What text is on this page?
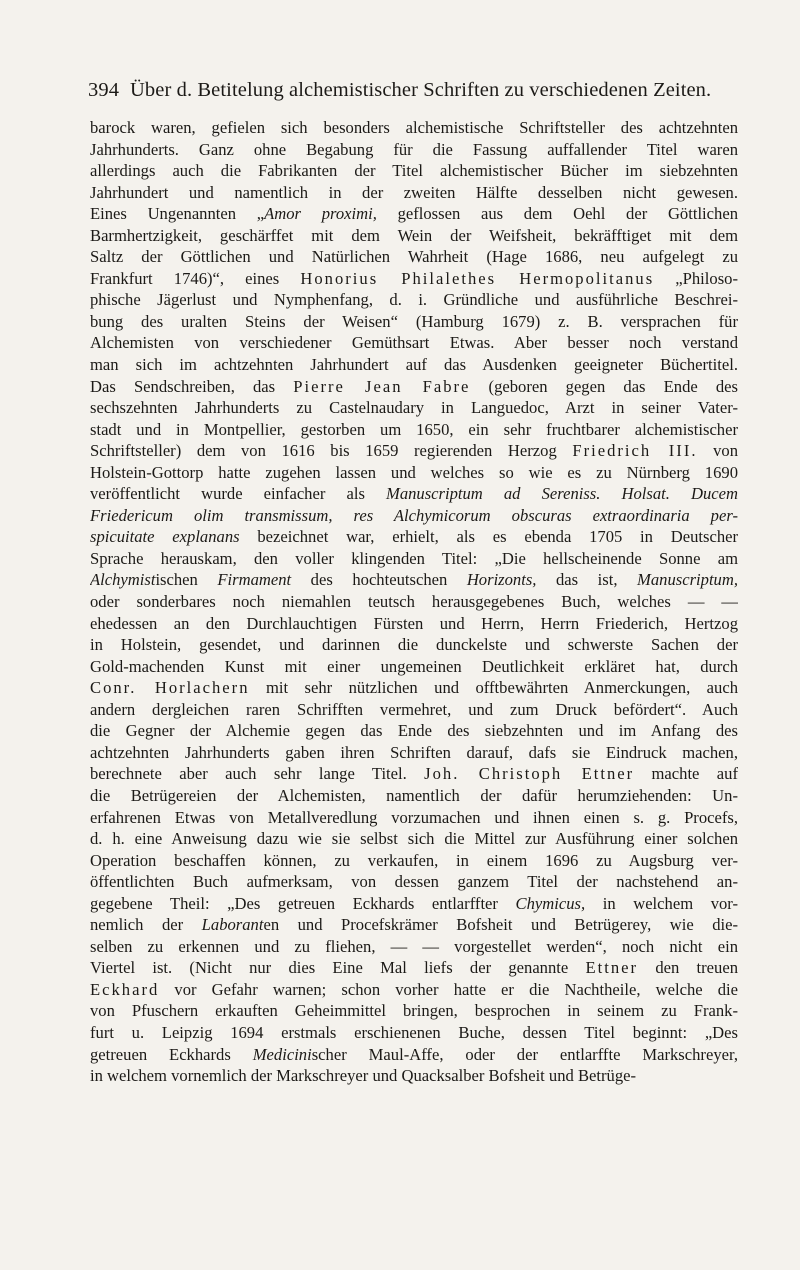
394 Über d. Betitelung alchemistischer Schriften zu verschiedenen Zeiten.
barock waren, gefielen sich besonders alchemistische Schriftsteller des achtzehnten
Jahrhunderts. Ganz ohne Begabung für die Fassung auffallender Titel waren
allerdings auch die Fabrikanten der Titel alchemistischer Bücher im siebzehnten
Jahrhundert und namentlich in der zweiten Hälfte desselben nicht gewesen.
Eines Ungenannten „Amor proximi, geflossen aus dem Oehl der Göttlichen
Barmhertzigkeit, geschärffet mit dem Wein der Weifsheit, bekräfftiget mit dem
Saltz der Göttlichen und Natürlichen Wahrheit (Hage 1686, neu aufgelegt zu
Frankfurt 1746)“, eines Honorius Philalethes Hermopolitanus „Philoso-
phische Jägerlust und Nymphenfang, d. i. Gründliche und ausführliche Beschrei-
bung des uralten Steins der Weisen“ (Hamburg 1679) z. B. versprachen für
Alchemisten von verschiedener Gemüthsart Etwas. Aber besser noch verstand
man sich im achtzehnten Jahrhundert auf das Ausdenken geeigneter Büchertitel.
Das Sendschreiben, das Pierre Jean Fabre (geboren gegen das Ende des
sechszehnten Jahrhunderts zu Castelnaudary in Languedoc, Arzt in seiner Vater-
stadt und in Montpellier, gestorben um 1650, ein sehr fruchtbarer alchemistischer
Schriftsteller) dem von 1616 bis 1659 regierenden Herzog Friedrich III. von
Holstein-Gottorp hatte zugehen lassen und welches so wie es zu Nürnberg 1690
veröffentlicht wurde einfacher als Manuscriptum ad Sereniss. Holsat. Ducem
Friedericum olim transmissum, res Alchymicorum obscuras extraordinaria per-
spicuitate explanans bezeichnet war, erhielt, als es ebenda 1705 in Deutscher
Sprache herauskam, den voller klingenden Titel: „Die hellscheinende Sonne am
Alchymistischen Firmament des hochteutschen Horizonts, das ist, Manuscriptum,
oder sonderbares noch niemahlen teutsch herausgegebenes Buch, welches — —
ehedessen an den Durchlauchtigen Fürsten und Herrn, Herrn Friederich, Hertzog
in Holstein, gesendet, und darinnen die dunckelste und schwerste Sachen der
Gold-machenden Kunst mit einer ungemeinen Deutlichkeit erkläret hat, durch
Conr. Horlachern mit sehr nützlichen und offtbewährten Anmerckungen, auch
andern dergleichen raren Schrifften vermehret, und zum Druck befördert“. Auch
die Gegner der Alchemie gegen das Ende des siebzehnten und im Anfang des
achtzehnten Jahrhunderts gaben ihren Schriften darauf, dafs sie Eindruck machen,
berechnete aber auch sehr lange Titel. Joh. Christoph Ettner machte auf
die Betrügereien der Alchemisten, namentlich der dafür herumziehenden: Un-
erfahrenen Etwas von Metallveredlung vorzumachen und ihnen einen s. g. Procefs,
d. h. eine Anweisung dazu wie sie selbst sich die Mittel zur Ausführung einer solchen
Operation beschaffen können, zu verkaufen, in einem 1696 zu Augsburg ver-
öffentlichten Buch aufmerksam, von dessen ganzem Titel der nachstehend an-
gegebene Theil: „Des getreuen Eckhards entlarffter Chymicus, in welchem vor-
nemlich der Laboranten und Procefskrämer Bofsheit und Betrügerey, wie die-
selben zu erkennen und zu fliehen, — — vorgestellet werden“, noch nicht ein
Viertel ist. (Nicht nur dies Eine Mal liefs der genannte Ettner den treuen
Eckhard vor Gefahr warnen; schon vorher hatte er die Nachtheile, welche die
von Pfuschern erkauften Geheimmittel bringen, besprochen in seinem zu Frank-
furt u. Leipzig 1694 erstmals erschienenen Buche, dessen Titel beginnt: „Des
getreuen Eckhards Medicinischer Maul-Affe, oder der entlarffte Markschreyer,
in welchem vornemlich der Markschreyer und Quacksalber Bofsheit und Betrüge-
